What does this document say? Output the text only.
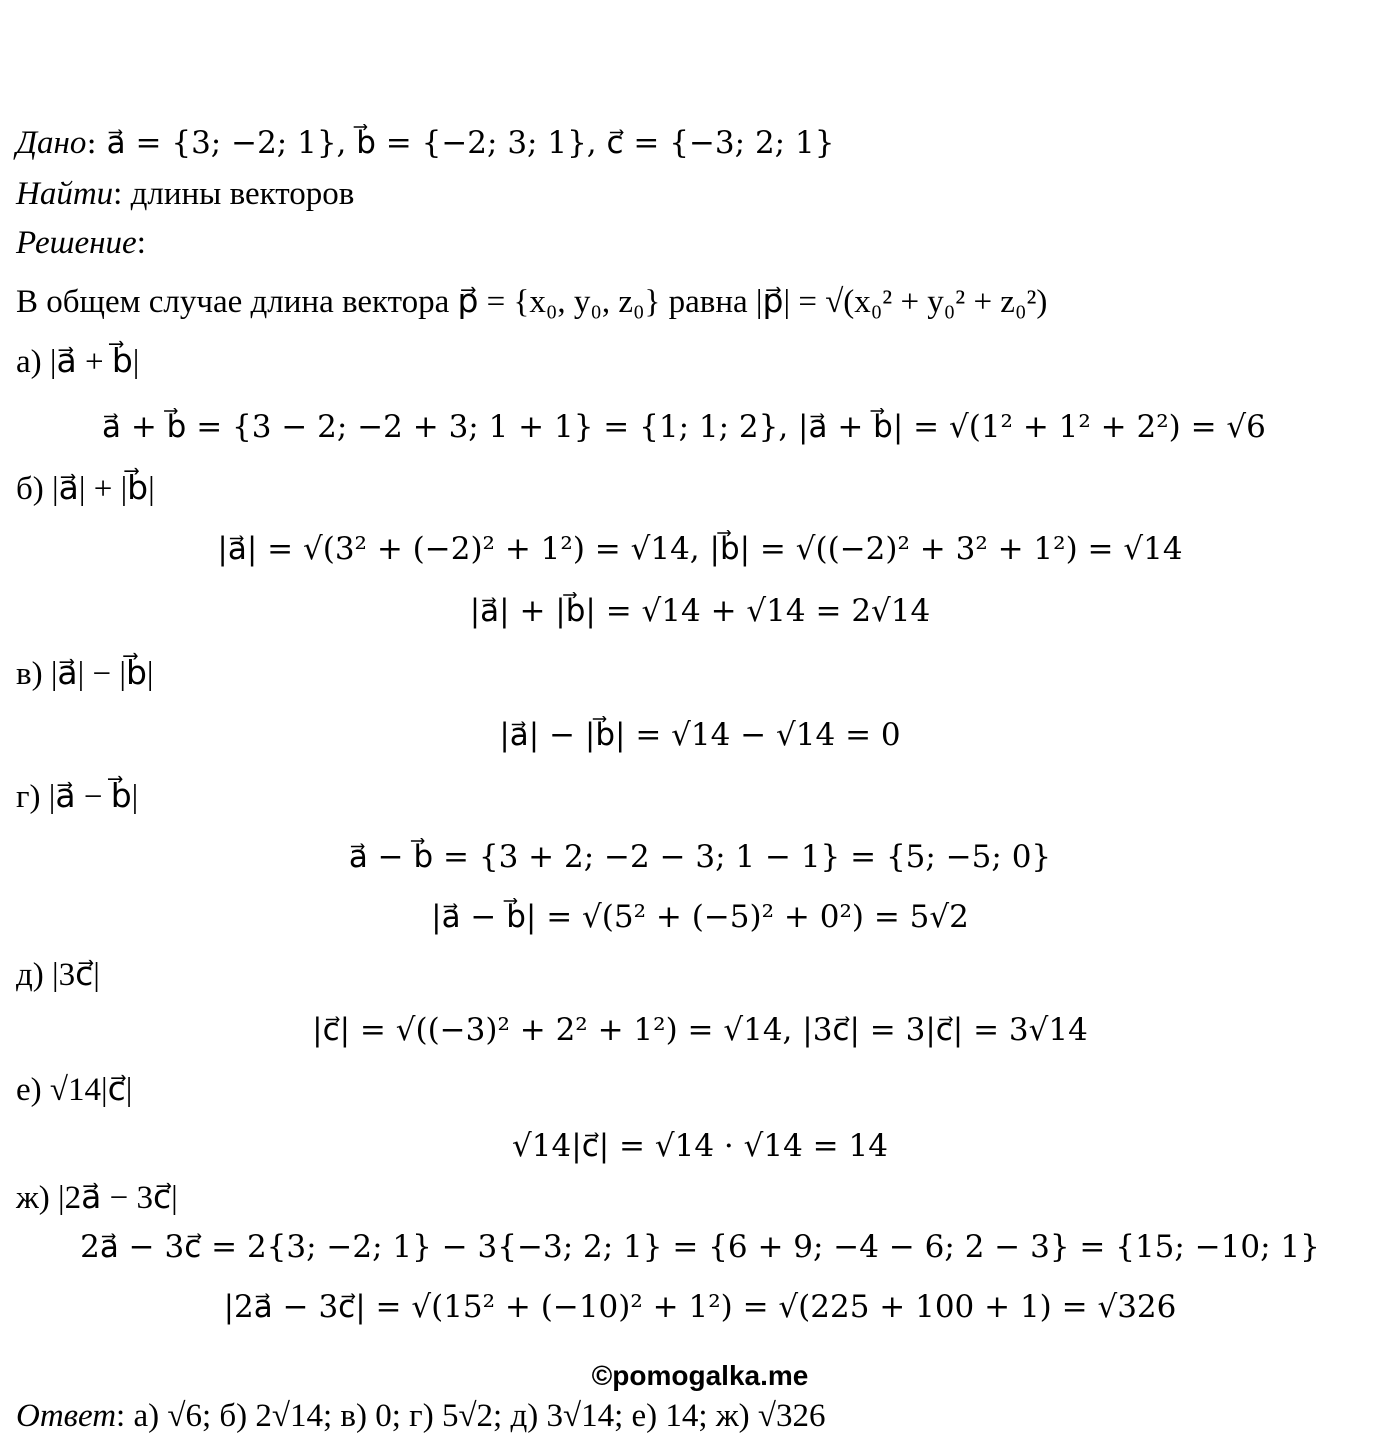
Дано: a⃗ = {3; −2; 1}, b⃗ = {−2; 3; 1}, c⃗ = {−3; 2; 1}
Найти: длины векторов
Решение:
В общем случае длина вектора p⃗ = {x₀, y₀, z₀} равна |p⃗| = √(x₀² + y₀² + z₀²)
а) |a⃗ + b⃗|
a⃗ + b⃗ = {3 − 2; −2 + 3; 1 + 1} = {1; 1; 2}, |a⃗ + b⃗| = √(1² + 1² + 2²) = √6
б) |a⃗| + |b⃗|
|a⃗| = √(3² + (−2)² + 1²) = √14, |b⃗| = √((−2)² + 3² + 1²) = √14
|a⃗| + |b⃗| = √14 + √14 = 2√14
в) |a⃗| − |b⃗|
|a⃗| − |b⃗| = √14 − √14 = 0
г) |a⃗ − b⃗|
a⃗ − b⃗ = {3 + 2; −2 − 3; 1 − 1} = {5; −5; 0}
|a⃗ − b⃗| = √(5² + (−5)² + 0²) = 5√2
д) |3c⃗|
|c⃗| = √((−3)² + 2² + 1²) = √14, |3c⃗| = 3|c⃗| = 3√14
е) √14|c⃗|
√14|c⃗| = √14 · √14 = 14
ж) |2a⃗ − 3c⃗|
2a⃗ − 3c⃗ = 2{3; −2; 1} − 3{−3; 2; 1} = {6 + 9; −4 − 6; 2 − 3} = {15; −10; 1}
|2a⃗ − 3c⃗| = √(15² + (−10)² + 1²) = √(225 + 100 + 1) = √326
©pomogalka.me
Ответ: а) √6; б) 2√14; в) 0; г) 5√2; д) 3√14; е) 14; ж) √326
